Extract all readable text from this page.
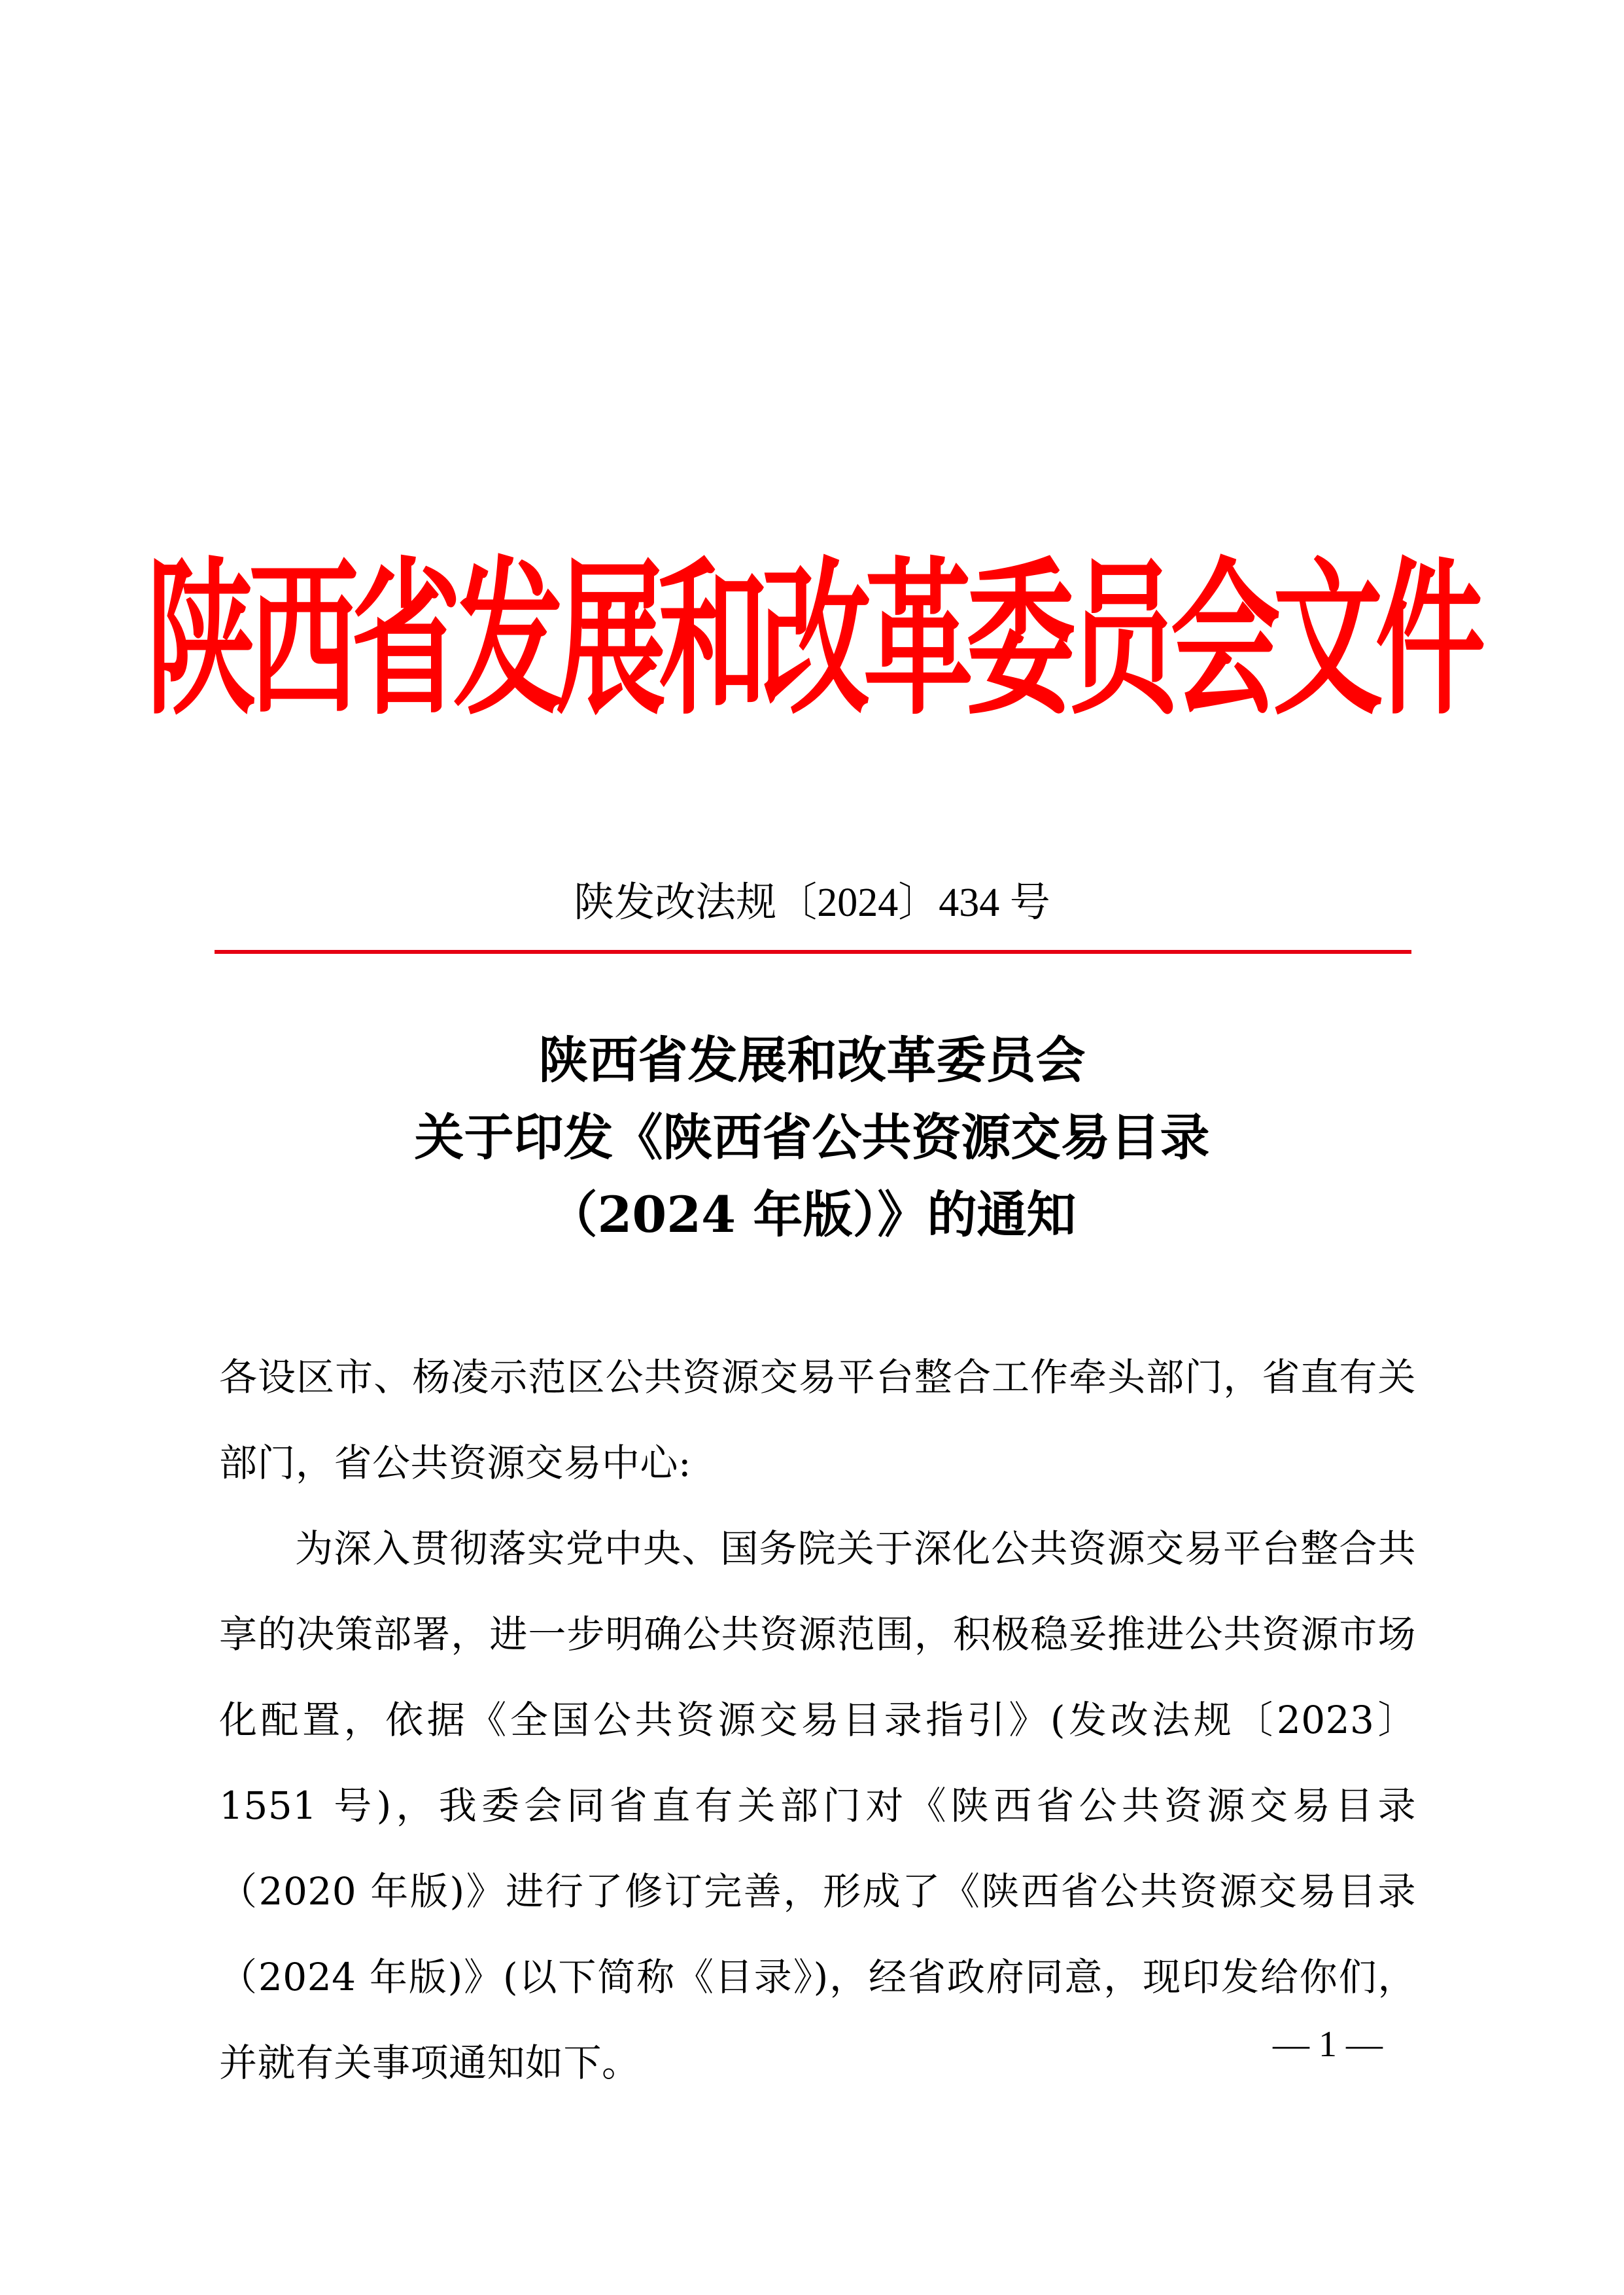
陕西省发展和改革委员会文件
陕发改法规〔2024〕434 号
陕西省发展和改革委员会
关于印发《陕西省公共资源交易目录
（2024 年版）》的通知

各设区市、杨凌示范区公共资源交易平台整合工作牵头部门，省直有关部门，省公共资源交易中心:

为深入贯彻落实党中央、国务院关于深化公共资源交易平台整合共享的决策部署，进一步明确公共资源范围，积极稳妥推进公共资源市场化配置，依据《全国公共资源交易目录指引》(发改法规〔2023〕1551 号)，我委会同省直有关部门对《陕西省公共资源交易目录（2020 年版)》进行了修订完善，形成了《陕西省公共资源交易目录（2024 年版)》(以下简称《目录》)，经省政府同意，现印发给你们，并就有关事项通知如下。	— 1 —
